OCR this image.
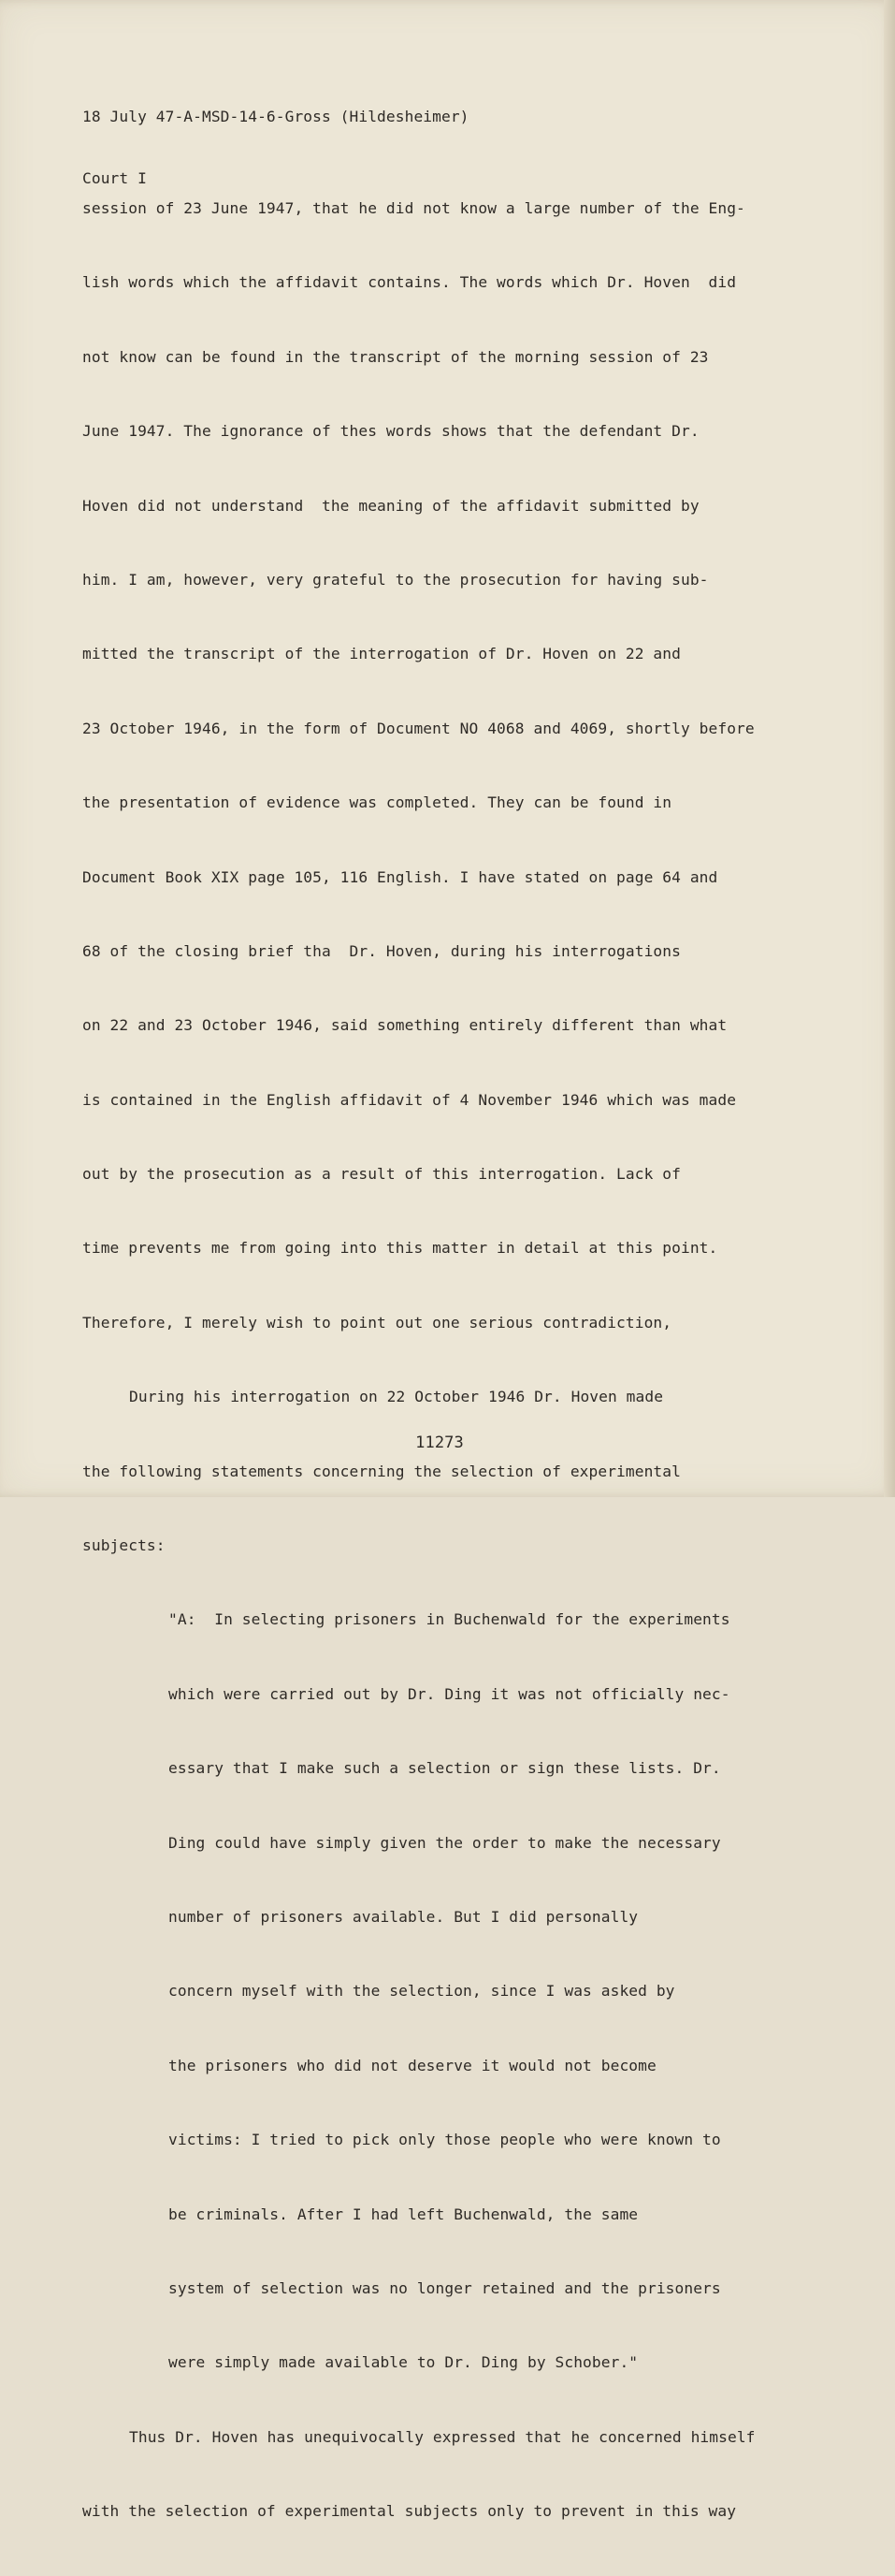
18 July 47-A-MSD-14-6-Gross (Hildesheimer)

Court I

session of 23 June 1947, that he did not know a large number of the Eng-

lish words which the affidavit contains. The words which Dr. Hoven  did

not know can be found in the transcript of the morning session of 23

June 1947. The ignorance of thes words shows that the defendant Dr.

Hoven did not understand  the meaning of the affidavit submitted by

him. I am, however, very grateful to the prosecution for having sub-

mitted the transcript of the interrogation of Dr. Hoven on 22 and

23 October 1946, in the form of Document NO 4068 and 4069, shortly before

the presentation of evidence was completed. They can be found in

Document Book XIX page 105, 116 English. I have stated on page 64 and

68 of the closing brief tha  Dr. Hoven, during his interrogations

on 22 and 23 October 1946, said something entirely different than what

is contained in the English affidavit of 4 November 1946 which was made

out by the prosecution as a result of this interrogation. Lack of

time prevents me from going into this matter in detail at this point.

Therefore, I merely wish to point out one serious contradiction,

During his interrogation on 22 October 1946 Dr. Hoven made

the following statements concerning the selection of experimental

subjects:

"A:  In selecting prisoners in Buchenwald for the experiments

which were carried out by Dr. Ding it was not officially nec-

essary that I make such a selection or sign these lists. Dr.

Ding could have simply given the order to make the necessary

number of prisoners available. But I did personally

concern myself with the selection, since I was asked by

the prisoners who did not deserve it would not become

victims: I tried to pick only those people who were known to

be criminals. After I had left Buchenwald, the same

system of selection was no longer retained and the prisoners

were simply made available to Dr. Ding by Schober."

Thus Dr. Hoven has unequivocally expressed that he concerned himself

with the selection of experimental subjects only to prevent in this way

11273
